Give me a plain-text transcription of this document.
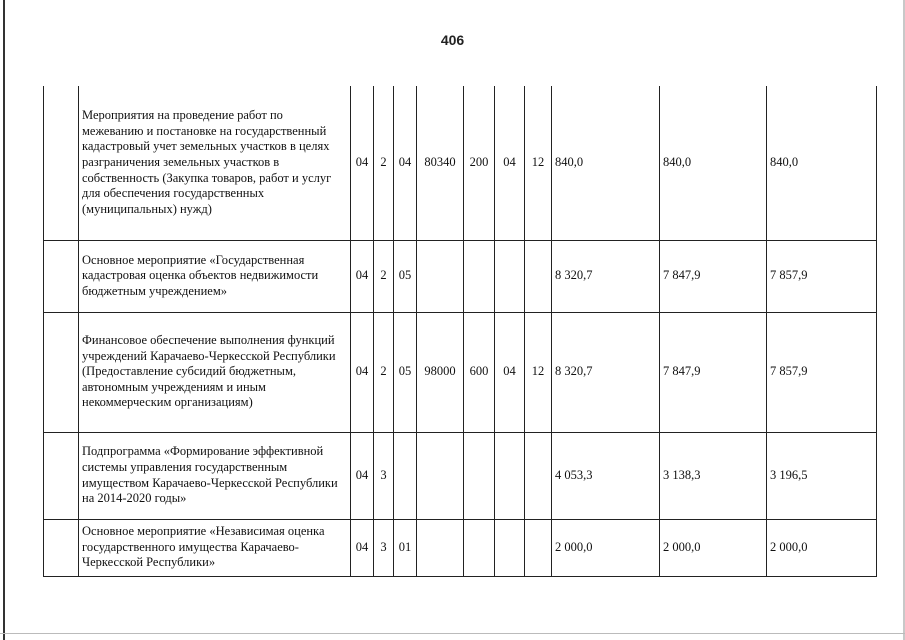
406
	Мероприятия на проведение работ по межеванию и постановке на государственный кадастровый учет земельных участков в целях разграничения земельных участков в собственность (Закупка товаров, работ и услуг для обеспечения государственных (муниципальных) нужд)	04	2	04	80340	200	04	12	840,0	840,0	840,0
	Основное мероприятие «Государственная кадастровая оценка объектов недвижимости бюджетным учреждением»	04	2	05					8 320,7	7 847,9	7 857,9
	Финансовое обеспечение выполнения функций учреждений Карачаево-Черкесской Республики (Предоставление субсидий бюджетным, автономным учреждениям и иным некоммерческим организациям)	04	2	05	98000	600	04	12	8 320,7	7 847,9	7 857,9
	Подпрограмма «Формирование эффективной системы управления государственным имуществом Карачаево-Черкесской Республики на 2014-2020 годы»	04	3						4 053,3	3 138,3	3 196,5
	Основное мероприятие «Независимая оценка государственного имущества Карачаево-Черкесской Республики»	04	3	01					2 000,0	2 000,0	2 000,0
